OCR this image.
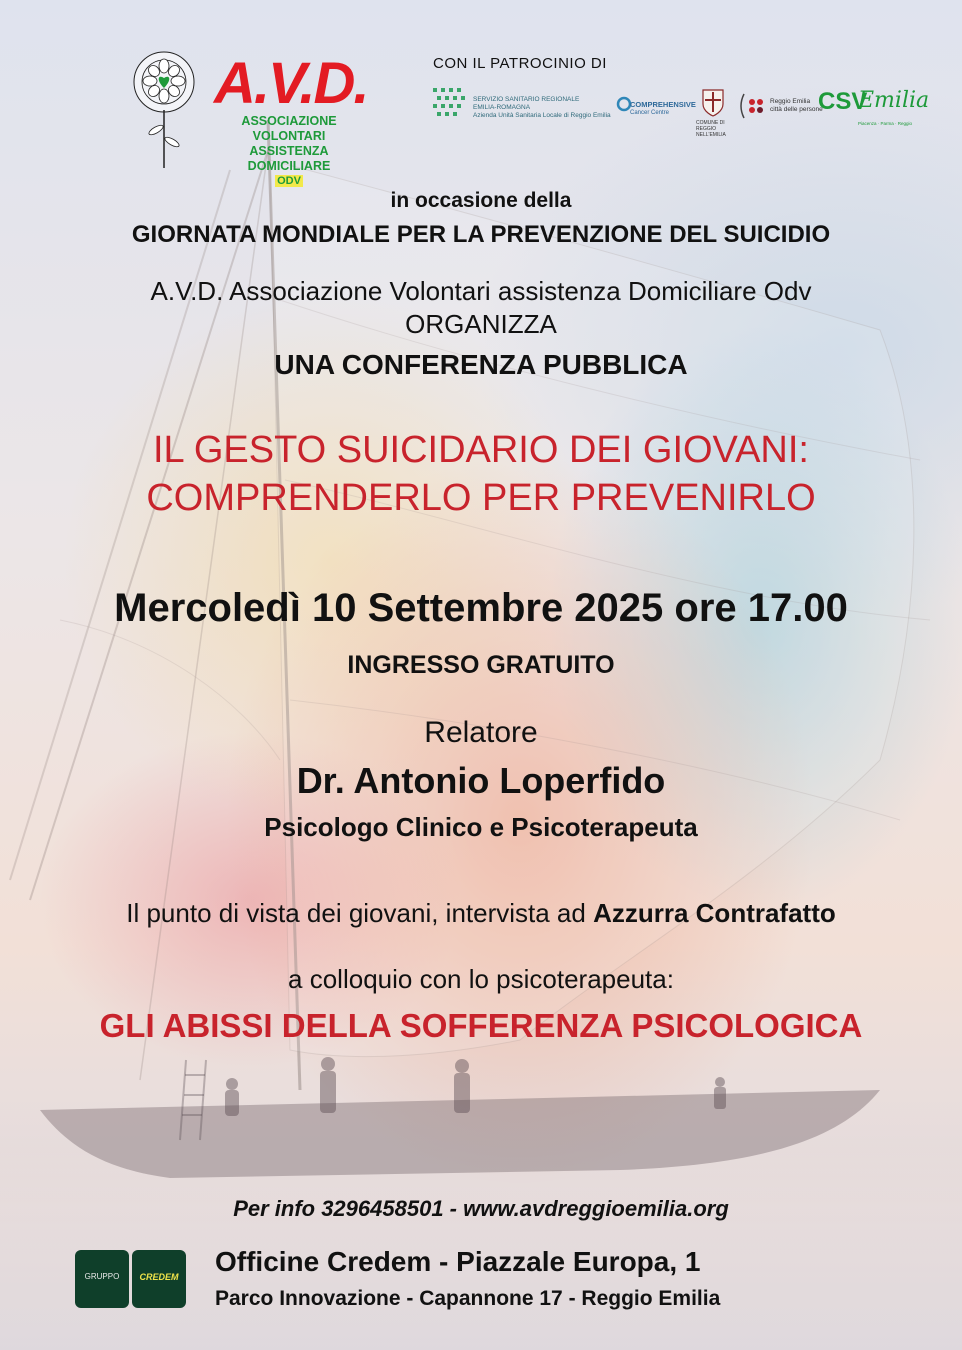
A.V.D.
ASSOCIAZIONE VOLONTARI
ASSISTENZA DOMICILIARE
ODV
CON IL PATROCINIO DI
SERVIZIO SANITARIO REGIONALE
EMILIA-ROMAGNA
Azienda Unità Sanitaria Locale di Reggio Emilia
COMPREHENSIVE
Cancer Centre
COMUNE DI REGGIO NELL'EMILIA
Reggio Emilia
città delle persone
CSV
Emilia
Piacenza · Parma · Reggio
in occasione della
GIORNATA MONDIALE PER LA PREVENZIONE DEL SUICIDIO
A.V.D. Associazione Volontari assistenza Domiciliare Odv
ORGANIZZA
UNA CONFERENZA PUBBLICA
IL GESTO SUICIDARIO DEI GIOVANI:
COMPRENDERLO PER PREVENIRLO
Mercoledì 10 Settembre 2025 ore 17.00
INGRESSO GRATUITO
Relatore
Dr. Antonio Loperfido
Psicologo Clinico e Psicoterapeuta
Il punto di vista dei giovani, intervista ad Azzurra Contrafatto
a colloquio con lo psicoterapeuta:
GLI ABISSI DELLA SOFFERENZA PSICOLOGICA
Per info 3296458501 - www.avdreggioemilia.org
GRUPPO	CREDEM Officine Credem - Piazzale Europa, 1
Parco Innovazione - Capannone 17 - Reggio Emilia
